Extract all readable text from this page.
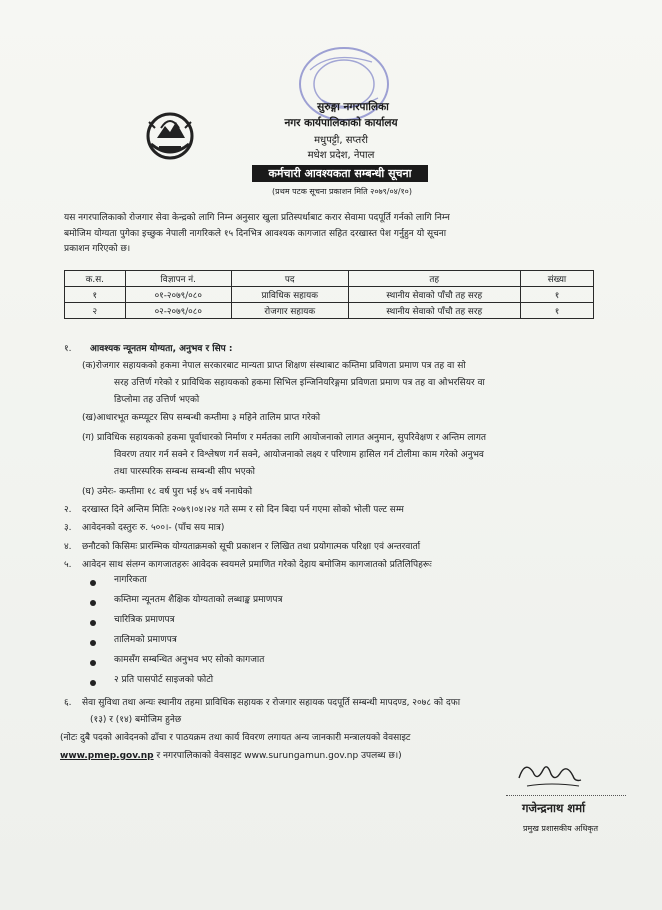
सुरुङ्गा नगरपालिका
नगर कार्यपालिकाको कार्यालय
मधुपट्टी, सप्तरी
मधेश प्रदेश, नेपाल
कर्मचारी आवश्यकता सम्बन्धी सूचना
(प्रथम पटक सूचना प्रकाशन मिति २०७९/०४/१०)
यस नगरपालिकाको रोजगार सेवा केन्द्रको लागि निम्न अनुसार खुला प्रतिस्पर्धाबाट करार सेवामा पदपूर्ति गर्नको लागि निम्न
बमोजिम योग्यता पुगेका इच्छुक नेपाली नागरिकले १५ दिनभित्र आवश्यक कागजात सहित दरखास्त पेश गर्नुहुन यो सूचना
प्रकाशन गरिएको छ।
क.स.	विज्ञापन नं.	पद	तह	संख्या
१	०१-२०७९/०८०	प्राविधिक सहायक	स्थानीय सेवाको पाँचौ तह सरह	१
२	०२-२०७९/०८०	रोजगार सहायक	स्थानीय सेवाको पाँचौ तह सरह	१
१. आवश्यक न्यूनतम योग्यता, अनुभव र सिप :
(क)रोजगार सहायकको हकमा नेपाल सरकारबाट मान्यता प्राप्त शिक्षण संस्थाबाट कम्तिमा प्रविणता प्रमाण पत्र तह वा सो
सरह उत्तिर्ण गरेको र प्राविधिक सहायकको हकमा सिभिल इन्जिनियरिङ्गमा प्रविणता प्रमाण पत्र तह वा ओभरसियर वा
डिप्लोमा तह उत्तिर्ण भएको
(ख)आधारभूत कम्प्यूटर सिप सम्बन्धी कम्तीमा ३ महिने तालिम प्राप्त गरेको
(ग) प्राविधिक सहायकको हकमा पूर्वाधारको निर्माण र मर्मतका लागि आयोजनाको लागत अनुमान, सुपरिवेक्षण र अन्तिम लागत
विवरण तयार गर्न सक्ने र विश्लेषण गर्न सक्ने, आयोजनाको लक्ष्य र परिणाम हासिल गर्न टोलीमा काम गरेको अनुभव
तथा पारस्परिक सम्बन्ध सम्बन्धी सीप भएको
(घ) उमेरः- कम्तीमा १८ वर्ष पुरा भई ४५ वर्ष ननाघेको
२. दरखास्त दिने अन्तिम मितिः २०७९।०४।२४ गते सम्म र सो दिन बिदा पर्न गएमा सोको भोली पल्ट सम्म
३. आवेदनको दस्तुरः रु. ५००।- (पाँच सय मात्र)
४. छनौटको किसिमः प्रारम्भिक योग्यताक्रमको सूची प्रकाशन र लिखित तथा प्रयोगात्मक परिक्षा एवं अन्तरवार्ता
५. आवेदन साथ संलग्न कागजातहरुः आवेदक स्वयमले प्रमाणित गरेको देहाय बमोजिम कागजातको प्रतिलिपिहरूः
नागरिकता
कम्तिमा न्यूनतम शैक्षिक योग्यताको लब्धाङ्क प्रमाणपत्र
चारित्रिक प्रमाणपत्र
तालिमको प्रमाणपत्र
कामसँग सम्बन्धित अनुभव भए सोको कागजात
२ प्रति पासपोर्ट साइजको फोटो
६. सेवा सुविधा तथा अन्यः स्थानीय तहमा प्राविधिक सहायक र रोजगार सहायक पदपूर्ति सम्बन्धी मापदण्ड, २०७८ को दफा
(१३) र (१४) बमोजिम हुनेछ
(नोटः दुबै पदको आवेदनको ढाँचा र पाठयक्रम तथा कार्य विवरण लगायत अन्य जानकारी मन्त्रालयको वेवसाइट
www.pmep.gov.np र नगरपालिकाको वेवसाइट www.surungamun.gov.np उपलब्ध छ।)
गजेन्द्रनाथ शर्मा
प्रमुख प्रशासकीय अधिकृत
